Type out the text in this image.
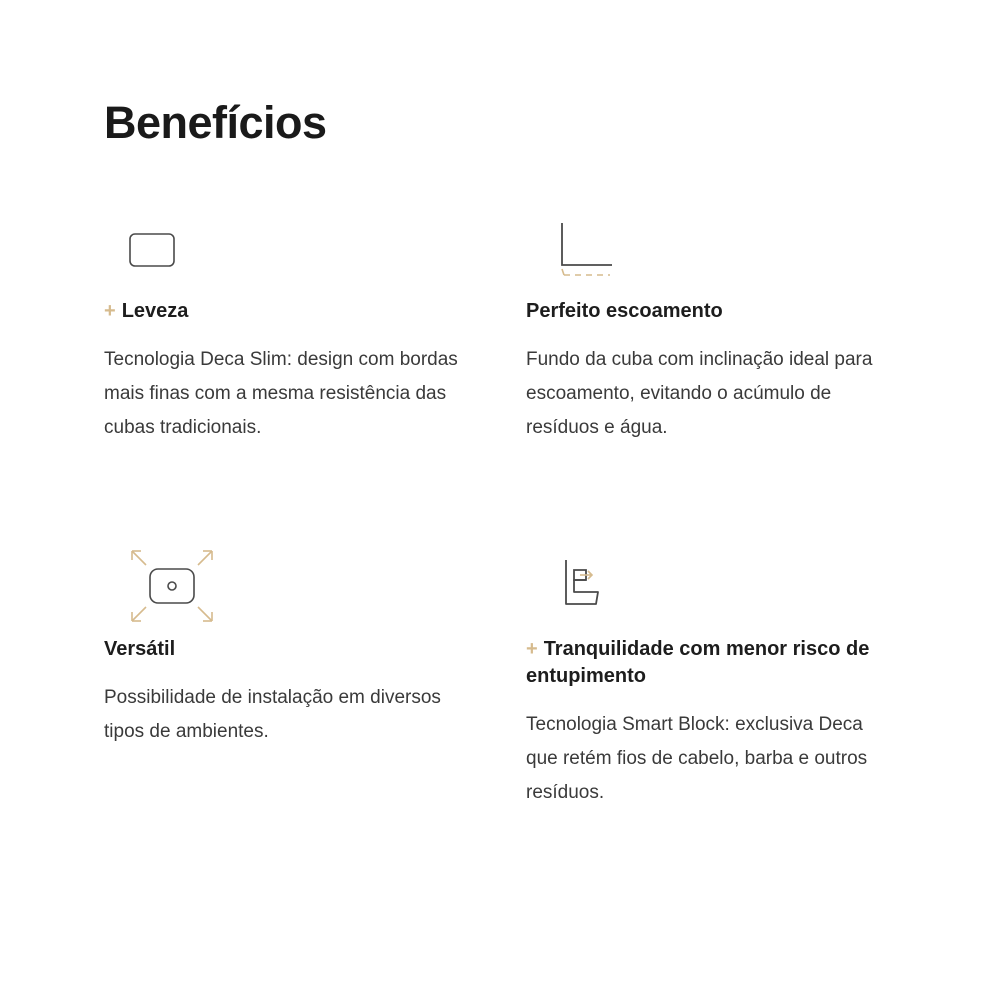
Benefícios
+ Leveza

Tecnologia Deca Slim: design com bordas mais finas com a mesma resistência das cubas tradicionais.

Perfeito escoamento

Fundo da cuba com inclinação ideal para escoamento, evitando o acúmulo de resíduos e água.

Versátil

Possibilidade de instalação em diversos tipos de ambientes.

+ Tranquilidade com menor risco de entupimento

Tecnologia Smart Block: exclusiva Deca que retém fios de cabelo, barba e outros resíduos.
